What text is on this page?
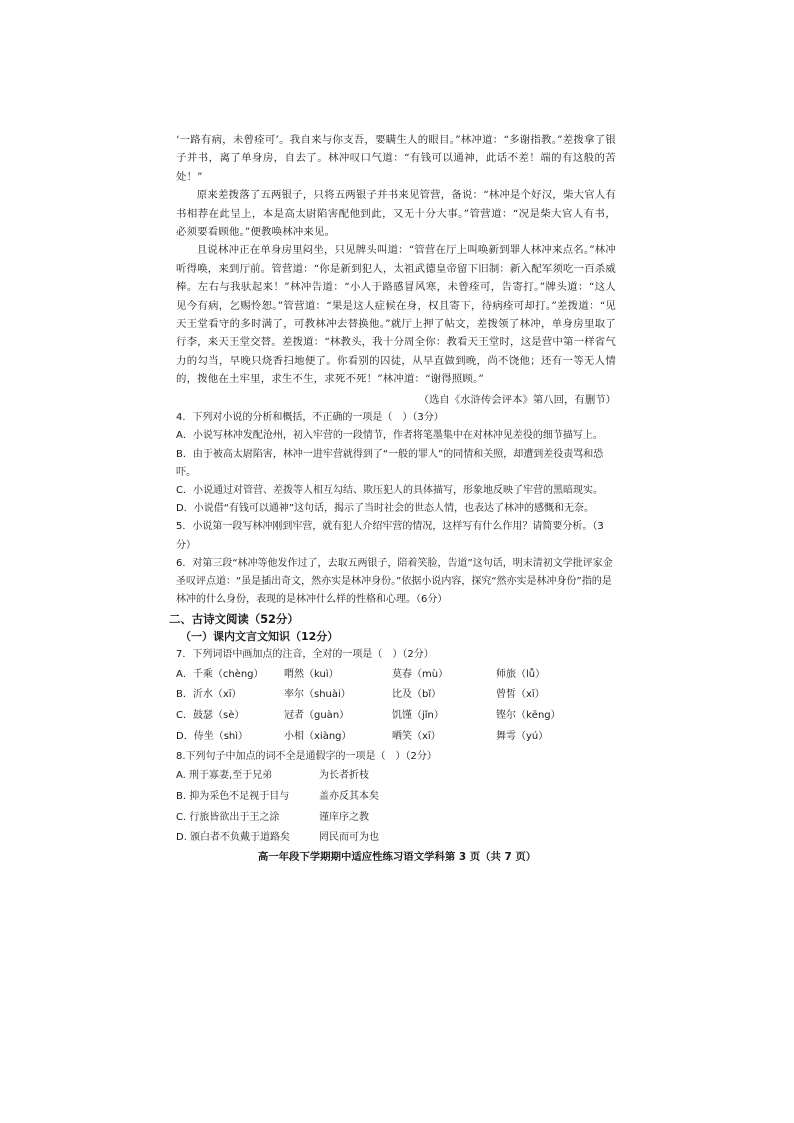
‘一路有病，未曾痊可’。我自来与你支吾，要瞒生人的眼目。”林冲道：“多谢指教。”差拨拿了银子并书，离了单身房，自去了。林冲叹口气道：“有钱可以通神，此话不差！端的有这般的苦处！”

原来差拨落了五两银子，只将五两银子并书来见管营，备说：“林冲是个好汉，柴大官人有书相荐在此呈上，本是高太尉陷害配他到此，又无十分大事。”管营道：“况是柴大官人有书，必须要看顾他。”便教唤林冲来见。

且说林冲正在单身房里闷坐，只见牌头叫道：“管营在厅上叫唤新到罪人林冲来点名。”林冲听得唤，来到厅前。管营道：“你是新到犯人，太祖武德皇帝留下旧制：新入配军须吃一百杀威棒。左右与我驮起来！”林冲告道：“小人于路感冒风寒，未曾痊可，告寄打。”牌头道：“这人见今有病，乞赐怜恕。”管营道：“果是这人症候在身，权且寄下，待病痊可却打。”差拨道：“见天王堂看守的多时满了，可教林冲去替换他。”就厅上押了帖文，差拨领了林冲，单身房里取了行李，来天王堂交替。差拨道：“林教头，我十分周全你：教看天王堂时，这是营中第一样省气力的勾当，早晚只烧香扫地便了。你看别的囚徒，从早直做到晚，尚不饶他；还有一等无人情的，拨他在土牢里，求生不生，求死不死！”林冲道：“谢得照顾。”

（选自《水浒传会评本》第八回，有删节）

4．下列对小说的分析和概括，不正确的一项是（　）（3分）

A．小说写林冲发配沧州，初入牢营的一段情节，作者将笔墨集中在对林冲见差役的细节描写上。

B．由于被高太尉陷害，林冲一进牢营就得到了“一般的罪人”的同情和关照，却遭到差役责骂和恐吓。

C．小说通过对管营、差拨等人相互勾结、欺压犯人的具体描写，形象地反映了牢营的黑暗现实。

D．小说借“有钱可以通神”这句话，揭示了当时社会的世态人情，也表达了林冲的感慨和无奈。

5．小说第一段写林冲刚到牢营，就有犯人介绍牢营的情况，这样写有什么作用？请简要分析。（3分）

6．对第三段“林冲等他发作过了，去取五两银子，陪着笑脸，告道”这句话，明末清初文学批评家金圣叹评点道：“虽是插出奇文，然亦实是林冲身份。”依据小说内容，探究“然亦实是林冲身份”指的是林冲的什么身份，表现的是林冲什么样的性格和心理。（6分）

二、古诗文阅读（52分）

（一）课内文言文知识（12分）

7．下列词语中画加点的注音，全对的一项是（　）（2分）

A．千乘（chèng）	喟然（kuì）	莫春（mù）	师旅（lǚ）
B．沂水（xī）	率尔（shuài）	比及（bǐ）	曾皙（xī）
C．鼓瑟（sè）	冠者（guàn）	饥馑（jǐn）	铿尔（kēng）
D．侍坐（shì）	小相（xiàng）	哂笑（xī）	舞雩（yú）

8.下列句子中加点的词不全是通假字的一项是（　）（2分）

A. 刑于寡妻,至于兄弟	为长者折枝
B. 抑为采色不足视于目与	盖亦反其本矣
C. 行旅皆欲出于王之涂	谨庠序之教
D. 颁白者不负戴于道路矣	罔民而可为也
高一年段下学期期中适应性练习语文学科第 3 页（共 7 页）
